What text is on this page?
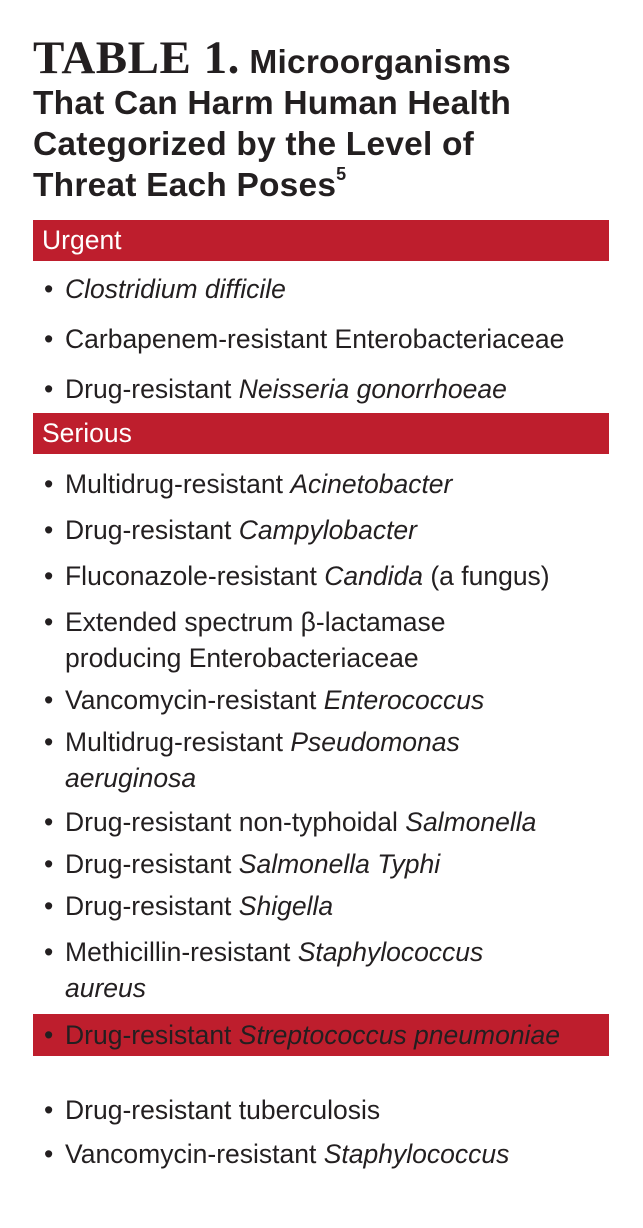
TABLE 1. Microorganisms
That Can Harm Human Health
Categorized by the Level of
Threat Each Poses$^5$
Urgent
• Clostridium difficile
• Carbapenem-resistant Enterobacteriaceae
• Drug-resistant Neisseria gonorrhoeae
Serious
• Multidrug-resistant Acinetobacter
• Drug-resistant Campylobacter
• Fluconazole-resistant Candida (a fungus)
• Extended spectrum β-lactamase
producing Enterobacteriaceae
• Vancomycin-resistant Enterococcus
• Multidrug-resistant Pseudomonas
aeruginosa
• Drug-resistant non-typhoidal Salmonella
• Drug-resistant Salmonella Typhi
• Drug-resistant Shigella
• Methicillin-resistant Staphylococcus
aureus
• Drug-resistant Streptococcus pneumoniae
• Drug-resistant tuberculosis
• Vancomycin-resistant Staphylococcus
